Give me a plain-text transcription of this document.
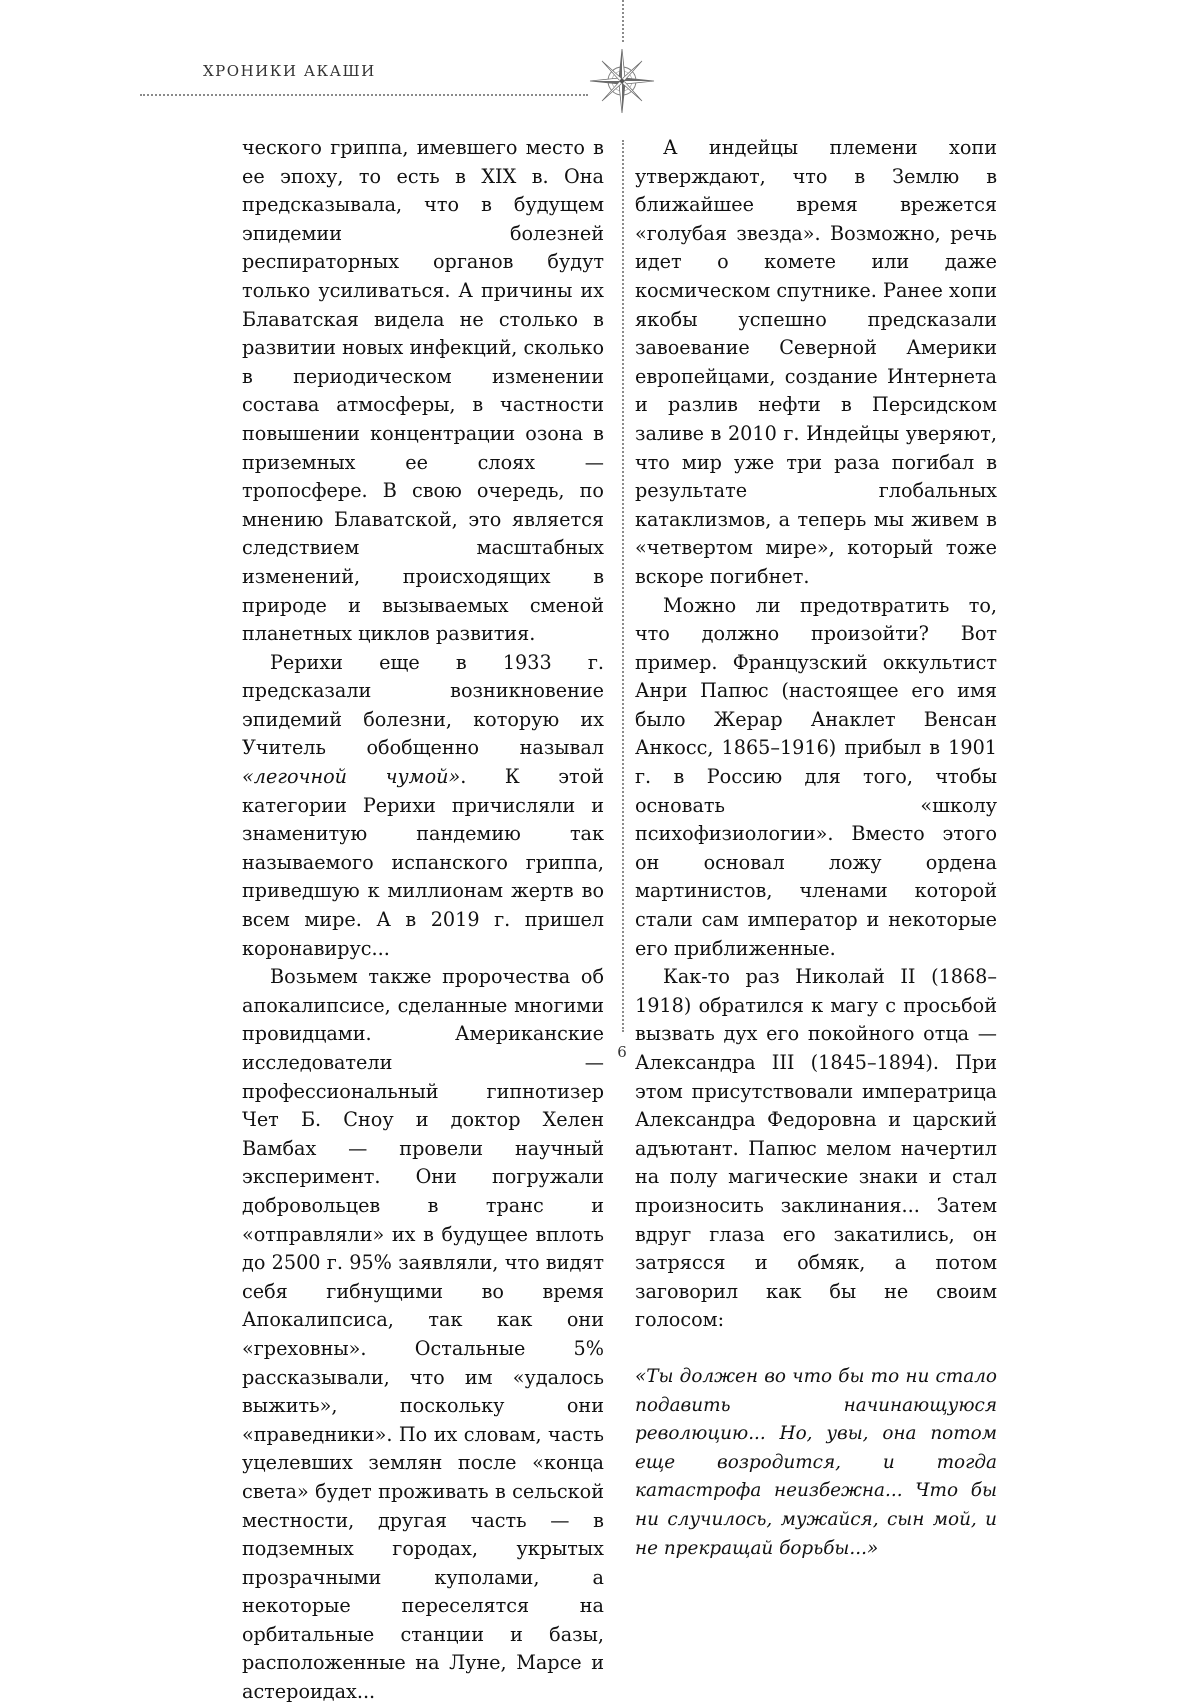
ХРОНИКИ АКАШИ

ческого гриппа, имевшего место в ее эпоху, то есть в XIX в. Она предсказывала, что в будущем эпидемии болезней респираторных органов будут только усиливаться. А причины их Блаватская видела не столько в развитии новых инфекций, сколько в периодическом изменении состава атмосферы, в частности повышении концентрации озона в приземных ее слоях — тропосфере. В свою очередь, по мнению Блаватской, это является следствием масштабных изменений, происходящих в природе и вызываемых сменой планетных циклов развития.

Рерихи еще в 1933 г. предсказали возникновение эпидемий болезни, которую их Учитель обобщенно называл «легочной чумой». К этой категории Рерихи причисляли и знаменитую пандемию так называемого испанского гриппа, приведшую к миллионам жертв во всем мире. А в 2019 г. пришел коронавирус...

Возьмем также пророчества об апокалипсисе, сделанные многими провидцами. Американские исследователи — профессиональный гипнотизер Чет Б. Сноу и доктор Хелен Вамбах — провели научный эксперимент. Они погружали добровольцев в транс и «отправляли» их в будущее вплоть до 2500 г. 95% заявляли, что видят себя гибнущими во время Апокалипсиса, так как они «греховны». Остальные 5% рассказывали, что им «удалось выжить», поскольку они «праведники». По их словам, часть уцелевших землян после «конца света» будет проживать в сельской местности, другая часть — в подземных городах, укрытых прозрачными куполами, а некоторые переселятся на орбитальные станции и базы, расположенные на Луне, Марсе и астероидах...

А индейцы племени хопи утверждают, что в Землю в ближайшее время врежется «голубая звезда». Возможно, речь идет о комете или даже космическом спутнике. Ранее хопи якобы успешно предсказали завоевание Северной Америки европейцами, создание Интернета и разлив нефти в Персидском заливе в 2010 г. Индейцы уверяют, что мир уже три раза погибал в результате глобальных катаклизмов, а теперь мы живем в «четвертом мире», который тоже вскоре погибнет.

Можно ли предотвратить то, что должно произойти? Вот пример. Французский оккультист Анри Папюс (настоящее его имя было Жерар Анаклет Венсан Анкосс, 1865–1916) прибыл в 1901 г. в Россию для того, чтобы основать «школу психофизиологии». Вместо этого он основал ложу ордена мартинистов, членами которой стали сам император и некоторые его приближенные.

Как-то раз Николай II (1868–1918) обратился к магу с просьбой вызвать дух его покойного отца — Александра III (1845–1894). При этом присутствовали императрица Александра Федоровна и царский адъютант. Папюс мелом начертил на полу магические знаки и стал произносить заклинания... Затем вдруг глаза его закатились, он затрясся и обмяк, а потом заговорил как бы не своим голосом:

«Ты должен во что бы то ни стало подавить начинающуюся революцию... Но, увы, она потом еще возродится, и тогда катастрофа неизбежна... Что бы ни случилось, мужайся, сын мой, и не прекращай борьбы...»

6
